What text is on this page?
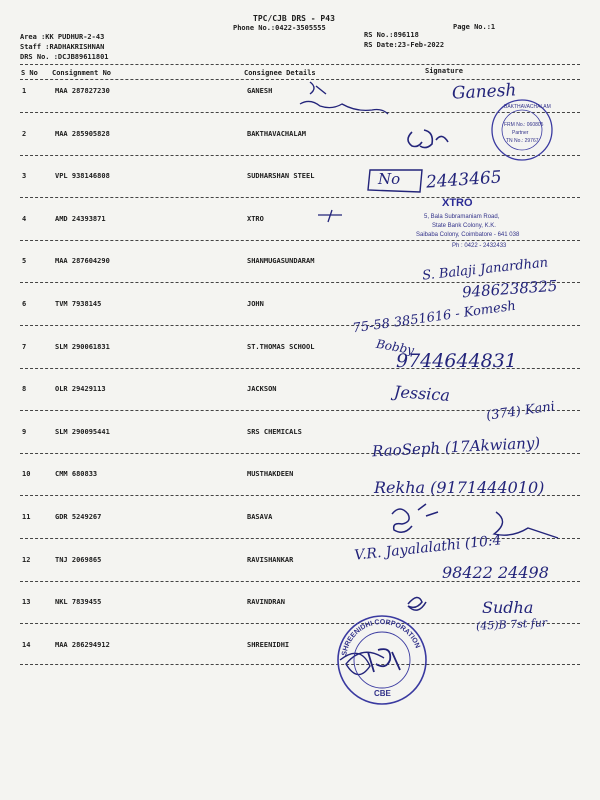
TPC/CJB DRS - P43
Phone No.:0422-3505555	Page No.:1
Area :KK PUDHUR-2-43
Staff :RADHAKRISHNAN
DRS No. :DCJB89611801
RS No.:896118
RS Date:23-Feb-2022
S No Consignment No	Consignee Details	Signature
1	MAA 287827230	GANESH
2	MAA 285905828	BAKTHAVACHALAM
3	VPL 938146808	SUDHARSHAN STEEL
4	AMD 24393871	XTRO
5	MAA 287604290	SHANMUGASUNDARAM
6	TVM 7938145	JOHN
7	SLM 290061831	ST.THOMAS SCHOOL
8	OLR 29429113	JACKSON
9	SLM 290095441	SRS CHEMICALS
10	CMM 680833	MUSTHAKDEEN
11	GDR 5249267	BASAVA
12	TNJ 2069865	RAVISHANKAR
13	NKL 7839455	RAVINDRAN
14	MAA 286294912	SHREENIDHI
BAKTHAVACHALAM
FRM No.: 060805
Partner
TN No.: 29767
XTRO
5, Bala Subramaniam Road,
State Bank Colony, K.K.
Saibaba Colony, Coimbatore - 641 038
Ph : 0422 - 2432433
SHREENIDHI CORPORATION
CBE
Ganesh
No 2443465
S. Balaji Janardhan
9486238325
75-58 3851616 - Komesh
Bobby
9744644831
Jessica
(374) Kani
RaoSeph (17Akwiany)
Rekha (9171444010)
V.R. Jayalalathi (10:4
98422 24498
Sudha
(45)B 7st fur
